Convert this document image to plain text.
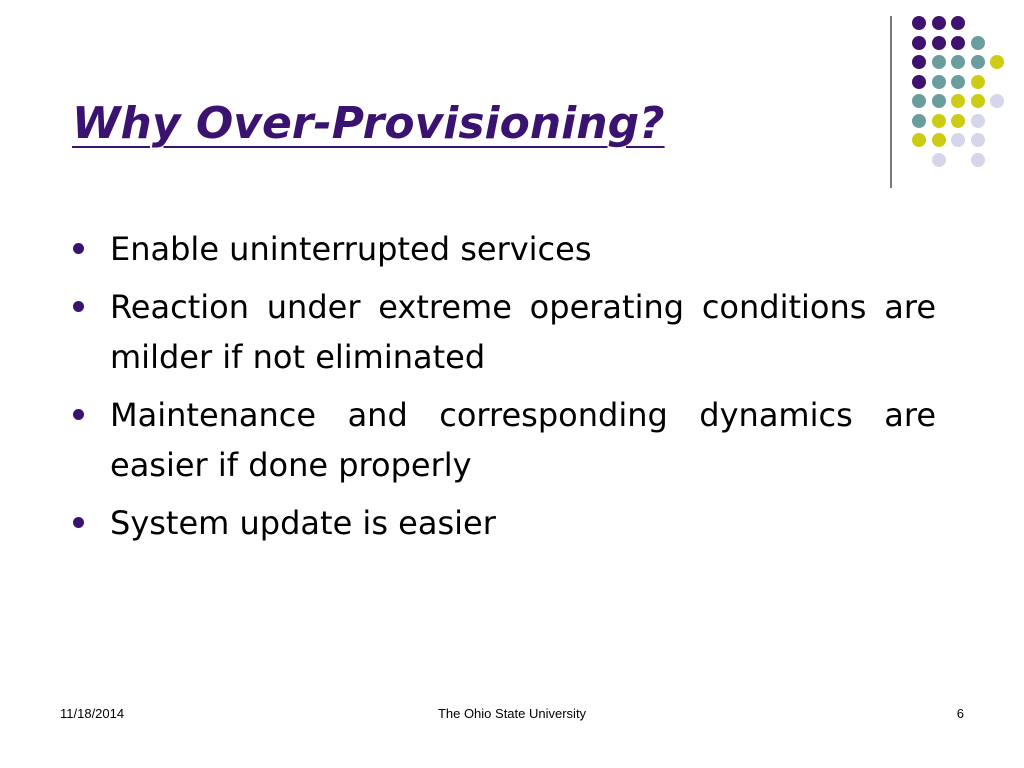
Why Over-Provisioning?
Enable uninterrupted services
Reaction under extreme operating conditions are milder if not eliminated
Maintenance and corresponding dynamics are easier if done properly
System update is easier
11/18/2014	The Ohio State University	6
